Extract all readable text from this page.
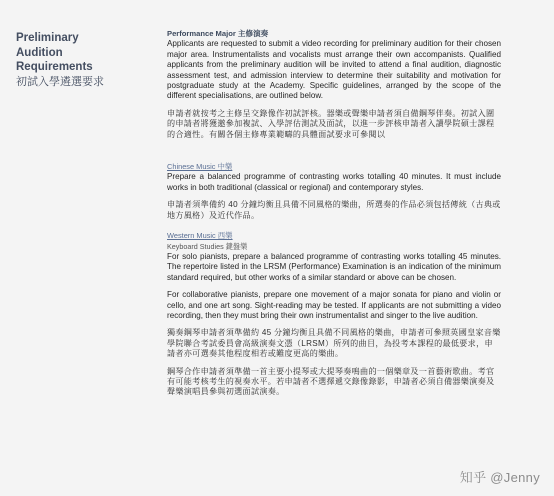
Preliminary
Audition
Requirements

初試入學遴選要求

Performance Major 主修演奏

Applicants are requested to submit a video recording for preliminary audition for their chosen major area. Instrumentalists and vocalists must arrange their own accompanists. Qualified applicants from the preliminary audition will be invited to attend a final audition, diagnostic assessment test, and admission interview to determine their suitability and motivation for postgraduate study at the Academy. Specific guidelines, arranged by the scope of the different specialisations, are outlined below.

申請者就按考之主修呈交錄像作初試評核。器樂或聲樂申請者須自備鋼琴伴奏。初試入圍的申請者將獲邀參加複試、入學評估測試及面試，以進一步評核申請者入讀學院碩士課程的合適性。有關各個主修專業範疇的具體面試要求可參閱以

Chinese Music 中樂

Prepare a balanced programme of contrasting works totalling 40 minutes. It must include works in both traditional (classical or regional) and contemporary styles.

申請者須準備約 40 分鐘均衡且具備不同風格的樂曲，所選奏的作品必須包括傳統（古典或地方風格）及近代作品。

Western Music 西樂

Keyboard Studies 鍵盤樂

For solo pianists, prepare a balanced programme of contrasting works totalling 45 minutes. The repertoire listed in the LRSM (Performance) Examination is an indication of the minimum standard required, but other works of a similar standard or above can be chosen.

For collaborative pianists, prepare one movement of a major sonata for piano and violin or cello, and one art song. Sight-reading may be tested. If applicants are not submitting a video recording, then they must bring their own instrumentalist and singer to the live audition.

獨奏鋼琴申請者須準備約 45 分鐘均衡且具備不同風格的樂曲，申請者可參照英國皇家音樂學院聯合考試委員會高級演奏文憑（LRSM）所列的曲目，為投考本課程的最低要求，申請者亦可選奏其他程度相若或難度更高的樂曲。

鋼琴合作申請者須準備一首主要小提琴或大提琴奏鳴曲的一個樂章及一首藝術歌曲。考官有可能考核考生的視奏水平。若申請者不選擇遞交錄像錄影，申請者必須自備器樂演奏及聲樂演唱員參與初選面試演奏。

知乎 @Jenny
